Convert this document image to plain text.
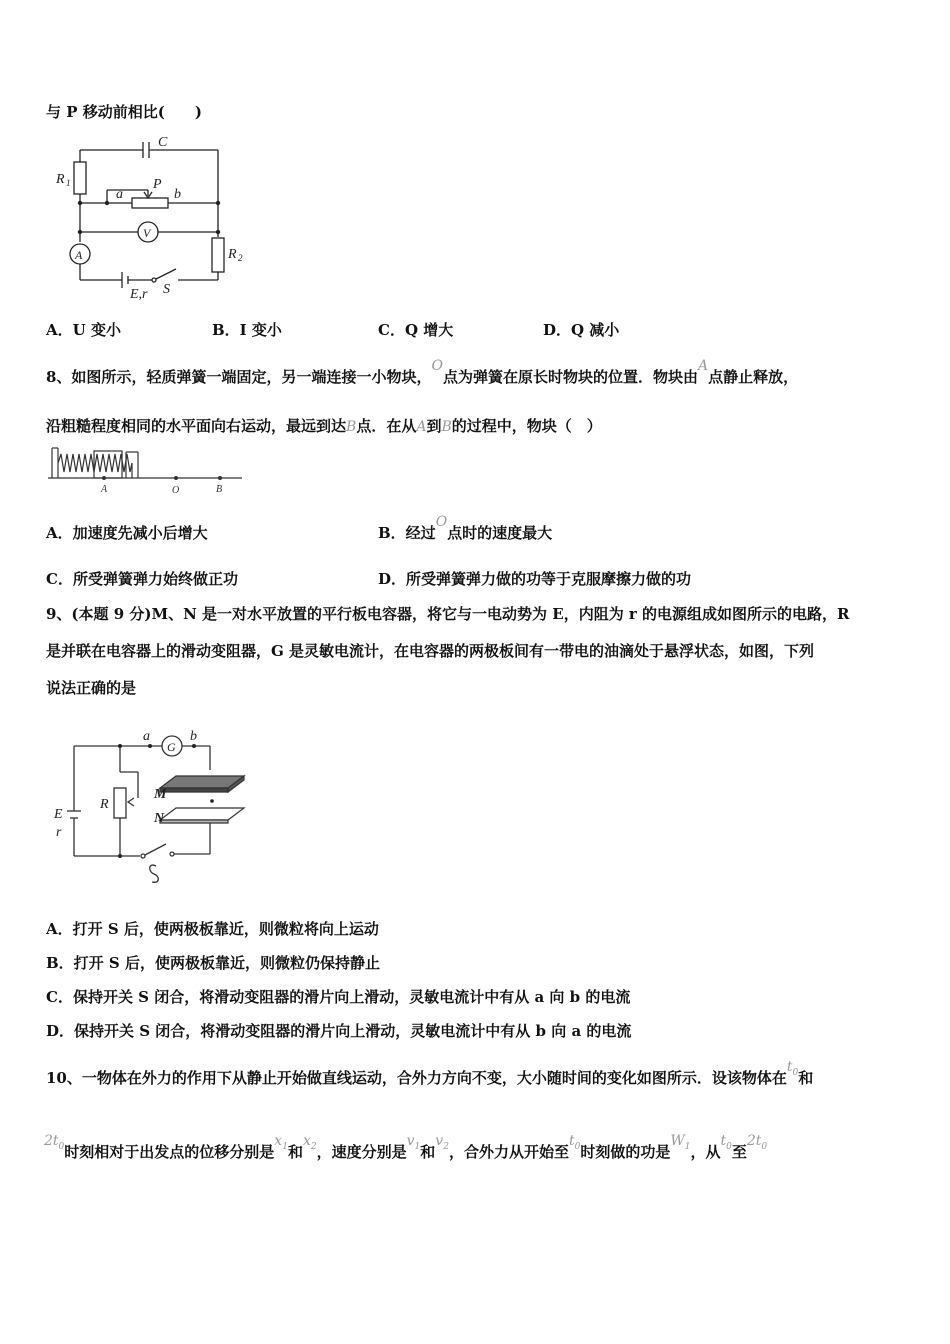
与 P 移动前相比(　　)
C
R 1
a
P
b
V
A	R 2
E,r S
A．U 变小	B．I 变小	C．Q 增大	D．Q 减小
8、如图所示，轻质弹簧一端固定，另一端连接一小物块，O点为弹簧在原长时物块的位置．物块由A点静止释放，
沿粗糙程度相同的水平面向右运动，最远到达B点．在从A到B的过程中，物块（　）
A	O	B
A．加速度先减小后增大	B．经过O点时的速度最大
C．所受弹簧弹力始终做正功	D．所受弹簧弹力做的功等于克服摩擦力做的功
9、(本题 9 分)M、N 是一对水平放置的平行板电容器，将它与一电动势为 E，内阻为 r 的电源组成如图所示的电路，R
是并联在电容器上的滑动变阻器，G 是灵敏电流计，在电容器的两极板间有一带电的油滴处于悬浮状态，如图，下列
说法正确的是
a
G
b
R
M
N
E
r
A．打开 S 后，使两极板靠近，则微粒将向上运动
B．打开 S 后，使两极板靠近，则微粒仍保持静止
C．保持开关 S 闭合，将滑动变阻器的滑片向上滑动，灵敏电流计中有从 a 向 b 的电流
D．保持开关 S 闭合，将滑动变阻器的滑片向上滑动，灵敏电流计中有从 b 向 a 的电流
10、一物体在外力的作用下从静止开始做直线运动，合外力方向不变，大小随时间的变化如图所示．设该物体在$t_0$和
$2t_0$时刻相对于出发点的位移分别是$x_1$和$x_2$，速度分别是$v_1$和$v_2$，合外力从开始至$t_0$时刻做的功是$W_1$，从$t_0$至$2t_0$
